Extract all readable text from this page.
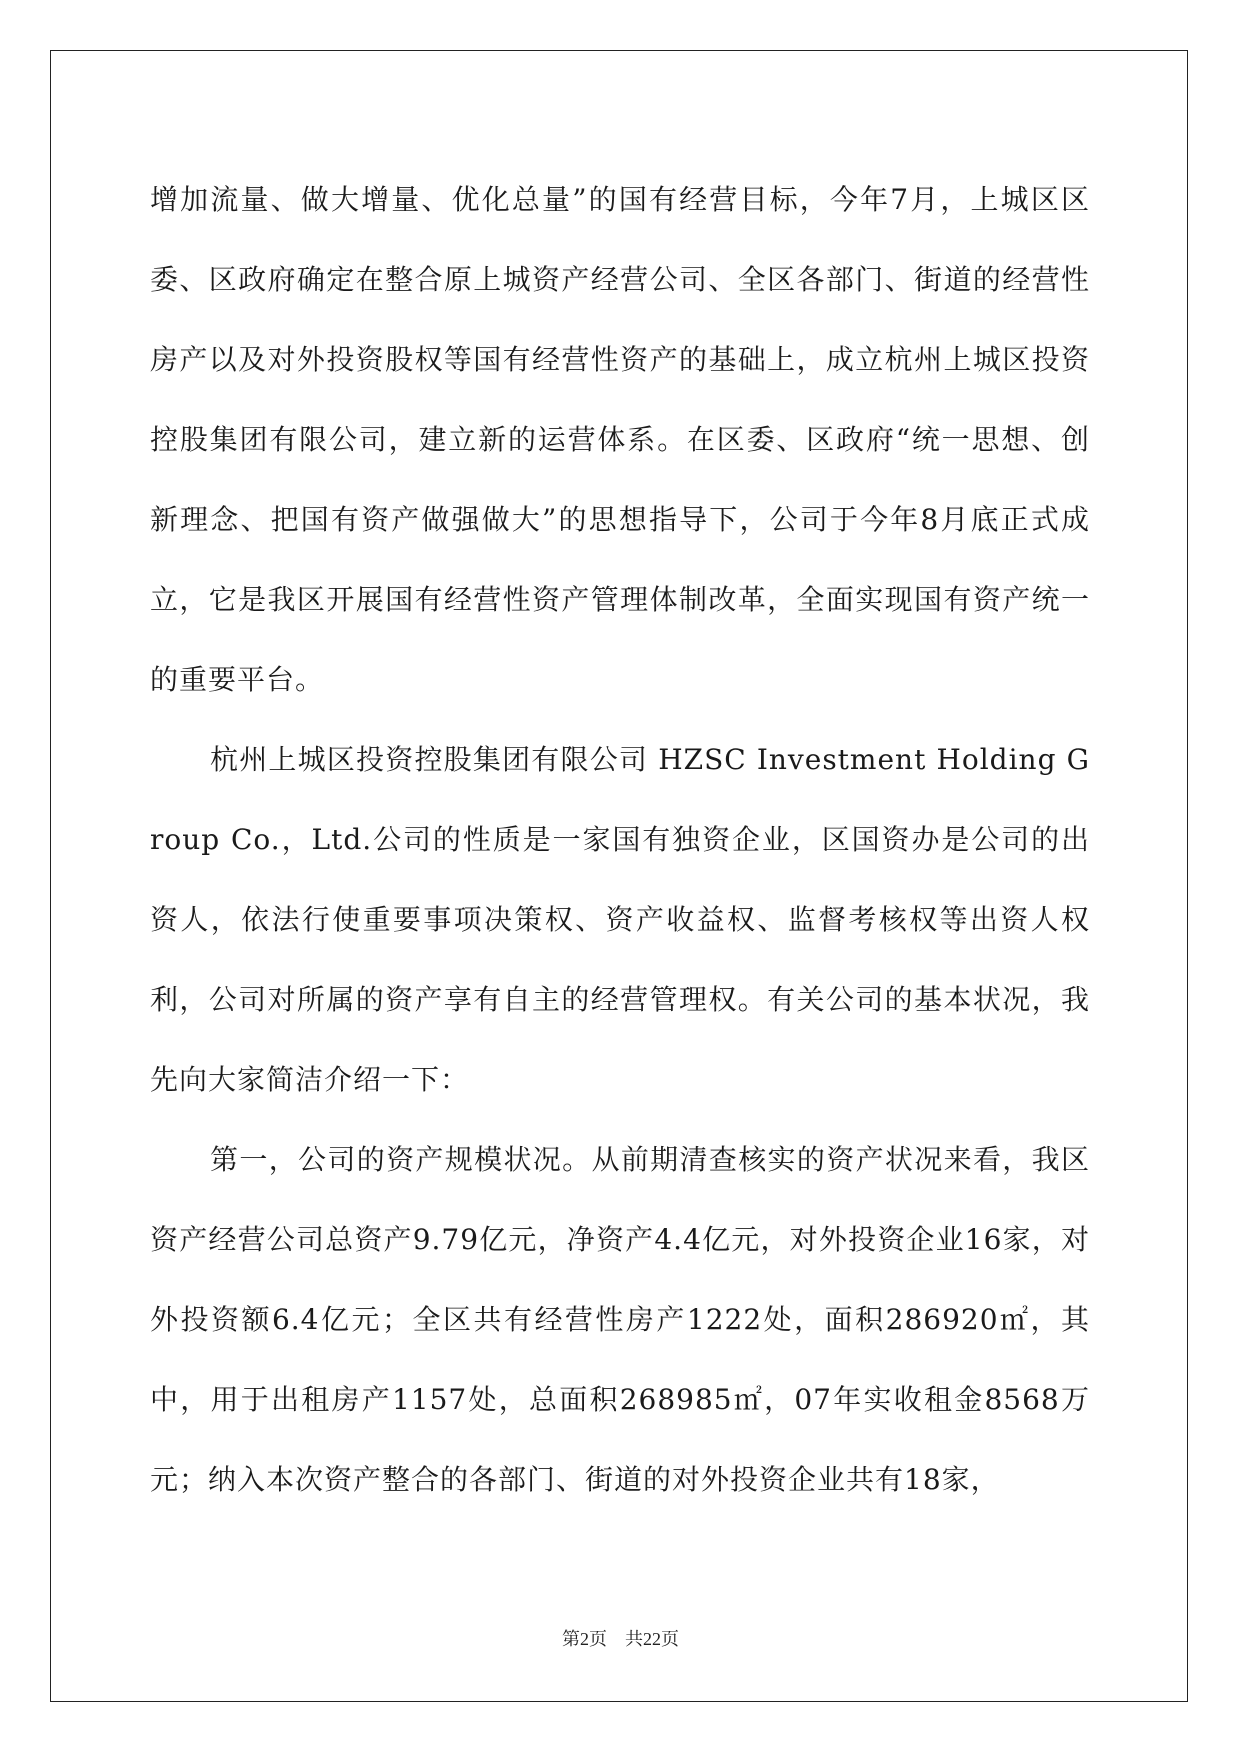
增加流量、做大增量、优化总量”的国有经营目标，今年7月，上城区区委、区政府确定在整合原上城资产经营公司、全区各部门、街道的经营性房产以及对外投资股权等国有经营性资产的基础上，成立杭州上城区投资控股集团有限公司，建立新的运营体系。在区委、区政府“统一思想、创新理念、把国有资产做强做大”的思想指导下，公司于今年8月底正式成立，它是我区开展国有经营性资产管理体制改革，全面实现国有资产统一的重要平台。

杭州上城区投资控股集团有限公司 HZSC Investment Holding Group Co.，Ltd.公司的性质是一家国有独资企业，区国资办是公司的出资人，依法行使重要事项决策权、资产收益权、监督考核权等出资人权利，公司对所属的资产享有自主的经营管理权。有关公司的基本状况，我先向大家简洁介绍一下：

第一，公司的资产规模状况。从前期清查核实的资产状况来看，我区资产经营公司总资产9.79亿元，净资产4.4亿元，对外投资企业16家，对外投资额6.4亿元；全区共有经营性房产1222处，面积286920㎡，其中，用于出租房产1157处，总面积268985㎡，07年实收租金8568万元；纳入本次资产整合的各部门、街道的对外投资企业共有18家，

第2页 共22页
